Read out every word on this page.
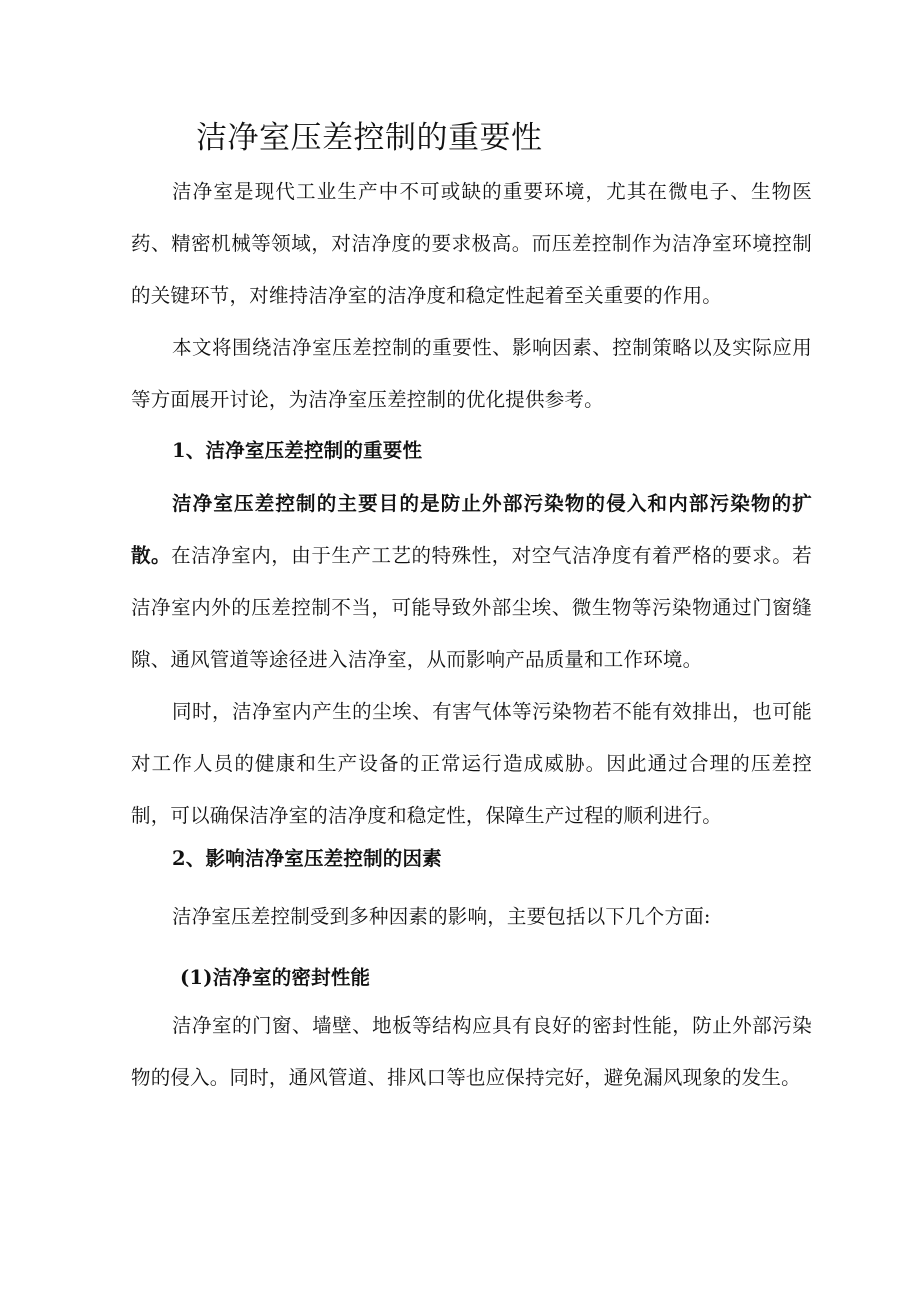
洁净室压差控制的重要性

洁净室是现代工业生产中不可或缺的重要环境，尤其在微电子、生物医药、精密机械等领域，对洁净度的要求极高。而压差控制作为洁净室环境控制的关键环节，对维持洁净室的洁净度和稳定性起着至关重要的作用。

本文将围绕洁净室压差控制的重要性、影响因素、控制策略以及实际应用等方面展开讨论，为洁净室压差控制的优化提供参考。

1、洁净室压差控制的重要性

洁净室压差控制的主要目的是防止外部污染物的侵入和内部污染物的扩散。在洁净室内，由于生产工艺的特殊性，对空气洁净度有着严格的要求。若洁净室内外的压差控制不当，可能导致外部尘埃、微生物等污染物通过门窗缝隙、通风管道等途径进入洁净室，从而影响产品质量和工作环境。

同时，洁净室内产生的尘埃、有害气体等污染物若不能有效排出，也可能对工作人员的健康和生产设备的正常运行造成威胁。因此通过合理的压差控制，可以确保洁净室的洁净度和稳定性，保障生产过程的顺利进行。

2、影响洁净室压差控制的因素

洁净室压差控制受到多种因素的影响，主要包括以下几个方面:

(1)洁净室的密封性能

洁净室的门窗、墙壁、地板等结构应具有良好的密封性能，防止外部污染物的侵入。同时，通风管道、排风口等也应保持完好，避免漏风现象的发生。
